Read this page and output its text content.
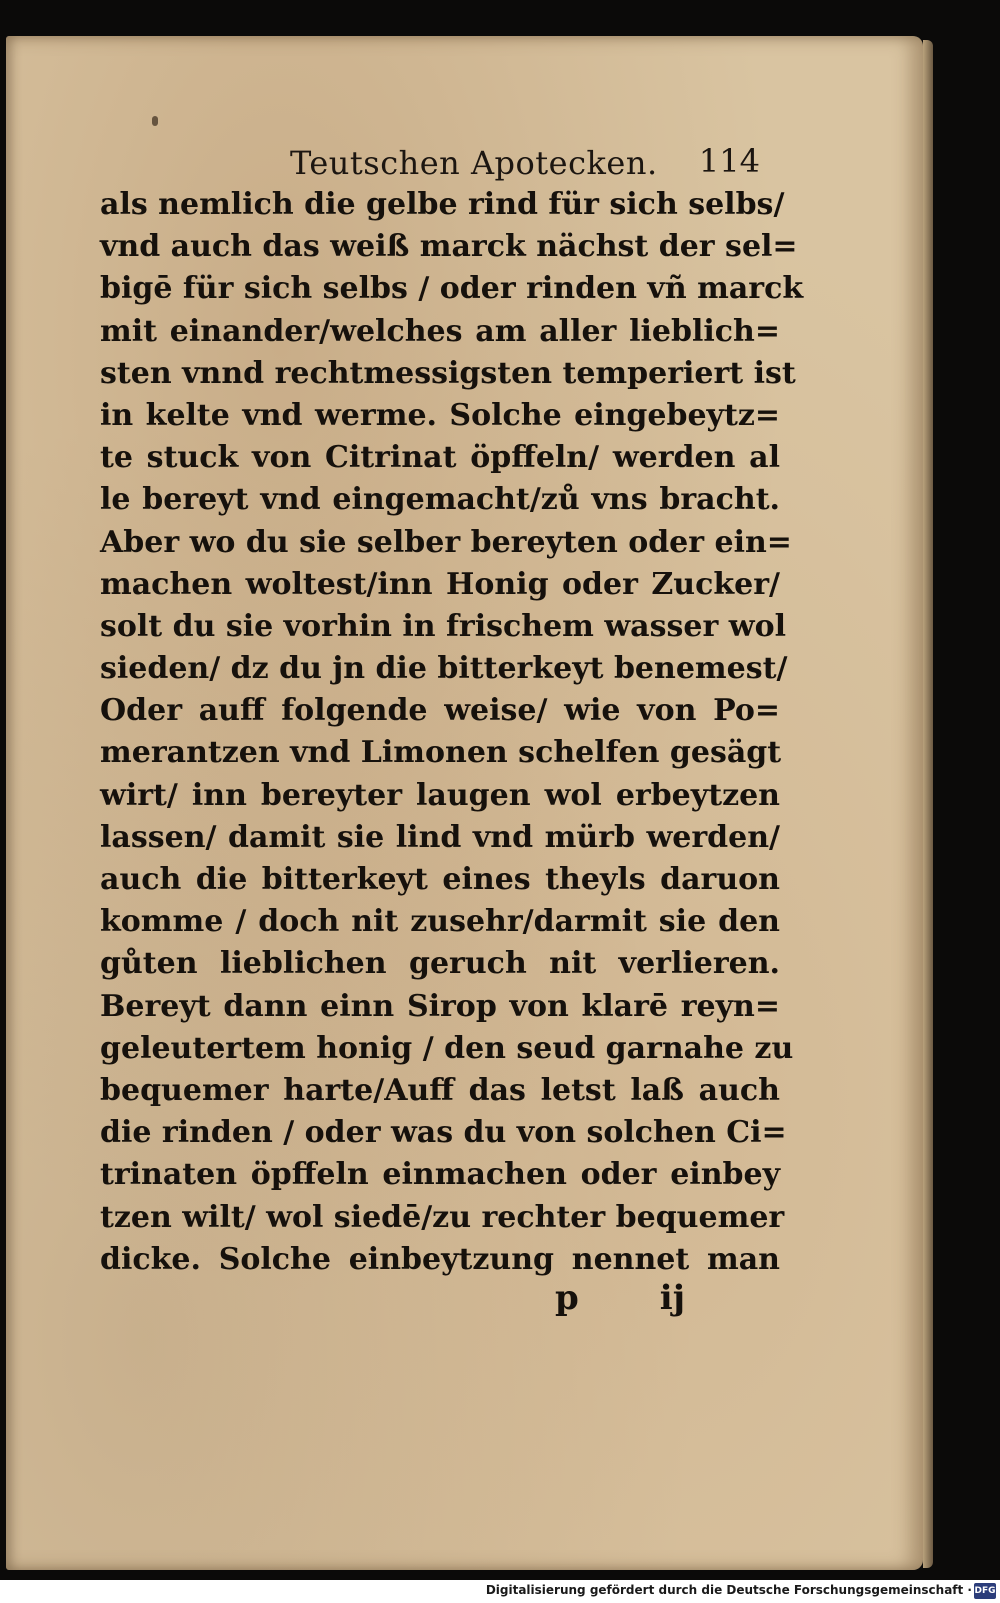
Teutschen Apotecken. 114
als nemlich die gelbe rind für sich selbs/
vnd auch das weiß marck nächst der sel=
bigē für sich selbs / oder rinden vñ marck
mit einander/welches am aller lieblich=
sten vnnd rechtmessigsten temperiert ist
in kelte vnd werme. Solche eingebeytz=
te stuck von Citrinat öpffeln/ werden al
le bereyt vnd eingemacht/zů vns bracht.
Aber wo du sie selber bereyten oder ein=
machen woltest/inn Honig oder Zucker/
solt du sie vorhin in frischem wasser wol
sieden/ dz du jn die bitterkeyt benemest/
Oder auff folgende weise/ wie von Po=
merantzen vnd Limonen schelfen gesägt
wirt/ inn bereyter laugen wol erbeytzen
lassen/ damit sie lind vnd mürb werden/
auch die bitterkeyt eines theyls daruon
komme / doch nit zusehr/darmit sie den
gůten lieblichen geruch nit verlieren.
Bereyt dann einn Sirop von klarē reyn=
geleutertem honig / den seud garnahe zu
bequemer harte/Auff das letst laß auch
die rinden / oder was du von solchen Ci=
trinaten öpffeln einmachen oder einbey
tzen wilt/ wol siedē/zu rechter bequemer
dicke. Solche einbeytzung nennet man
p ij
Digitalisierung gefördert durch die Deutsche Forschungsgemeinschaft · DFG
